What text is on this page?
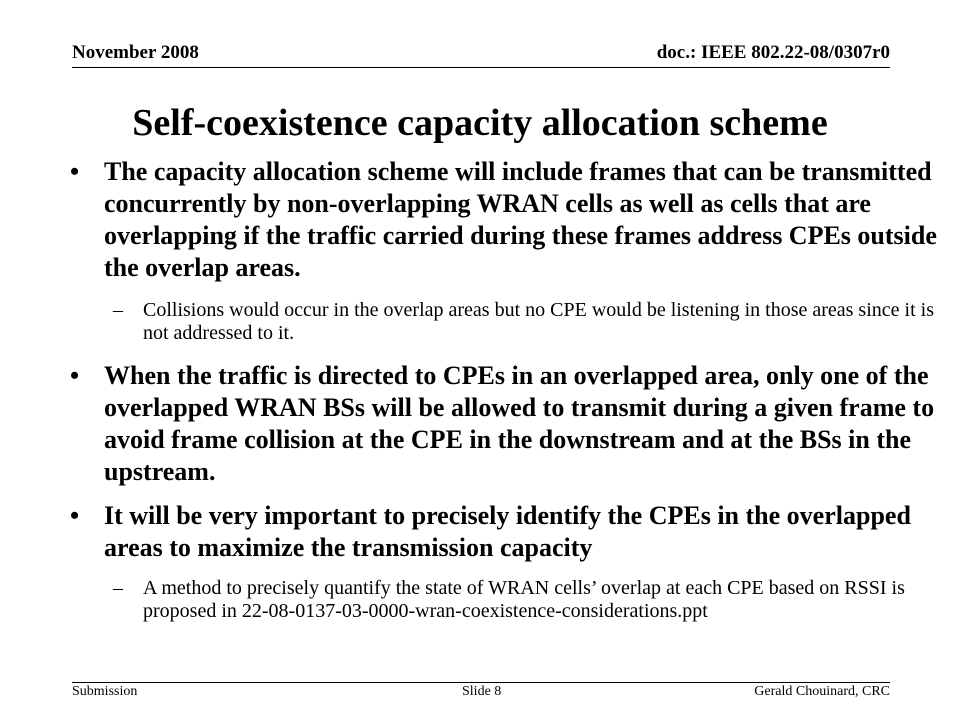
November 2008	doc.: IEEE 802.22-08/0307r0
Self-coexistence capacity allocation scheme
• The capacity allocation scheme will include frames that can be transmitted concurrently by non-overlapping WRAN cells as well as cells that are overlapping if the traffic carried during these frames address CPEs outside the overlap areas.
– Collisions would occur in the overlap areas but no CPE would be listening in those areas since it is not addressed to it.
• When the traffic is directed to CPEs in an overlapped area, only one of the overlapped WRAN BSs will be allowed to transmit during a given frame to avoid frame collision at the CPE in the downstream and at the BSs in the upstream.
• It will be very important to precisely identify the CPEs in the overlapped areas to maximize the transmission capacity
– A method to precisely quantify the state of WRAN cells’ overlap at each CPE based on RSSI is proposed in 22-08-0137-03-0000-wran-coexistence-considerations.ppt
Submission	Slide 8	Gerald Chouinard, CRC
